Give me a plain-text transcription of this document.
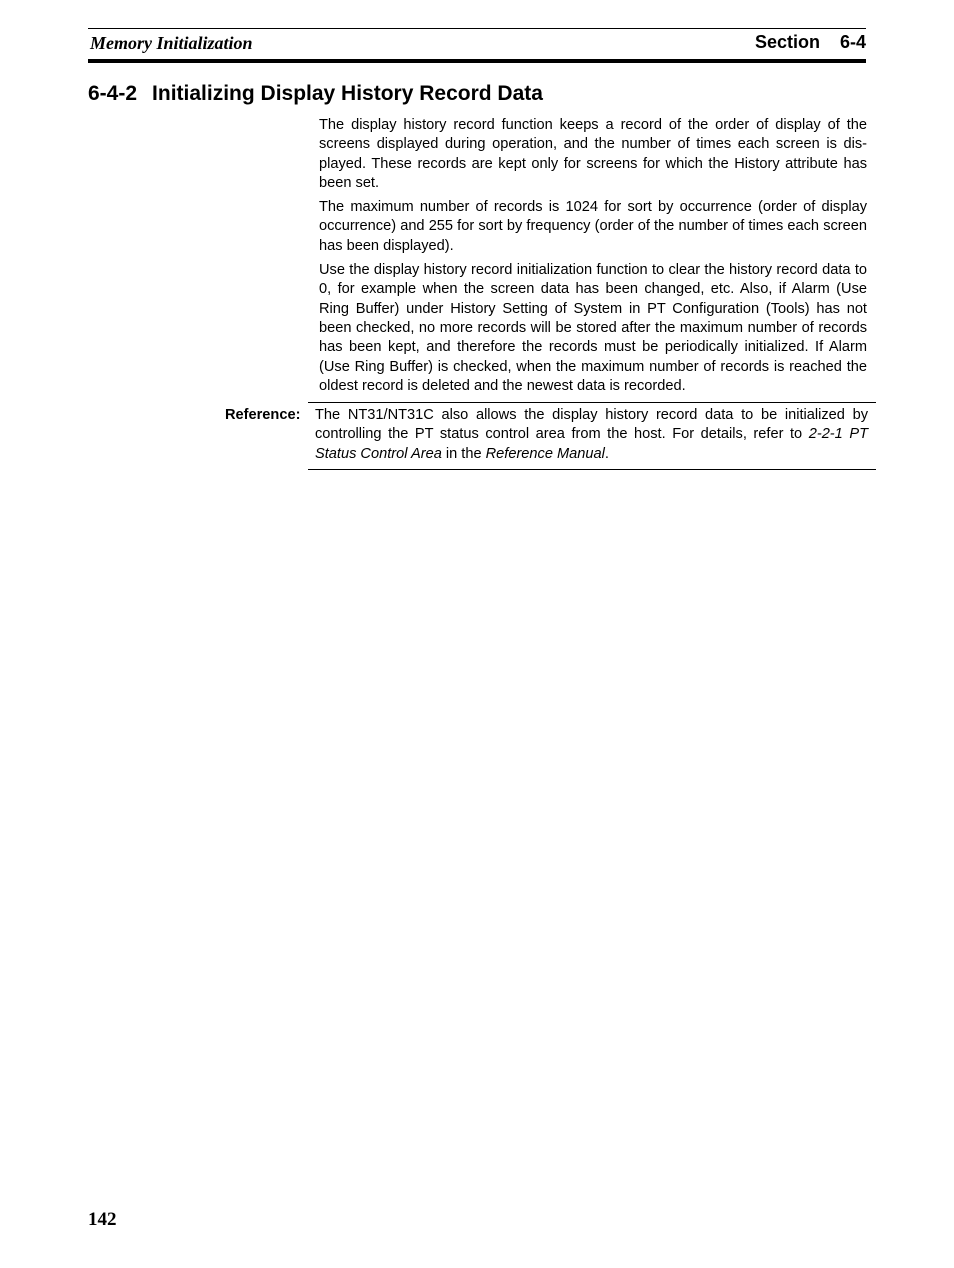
Memory Initialization	Section 6-4
6-4-2 Initializing Display History Record Data

The display history record function keeps a record of the order of display of the screens displayed during operation, and the number of times each screen is displayed. These records are kept only for screens for which the History attribute has been set.

The maximum number of records is 1024 for sort by occurrence (order of display occurrence) and 255 for sort by frequency (order of the number of times each screen has been displayed).

Use the display history record initialization function to clear the history record data to 0, for example when the screen data has been changed, etc. Also, if Alarm (Use Ring Buffer) under History Setting of System in PT Configuration (Tools) has not been checked, no more records will be stored after the maximum number of records has been kept, and therefore the records must be periodically initialized. If Alarm (Use Ring Buffer) is checked, when the maximum number of records is reached the oldest record is deleted and the newest data is recorded.

Reference: The NT31/NT31C also allows the display history record data to be initialized by controlling the PT status control area from the host. For details, refer to 2-2-1 PT Status Control Area in the Reference Manual.
142
